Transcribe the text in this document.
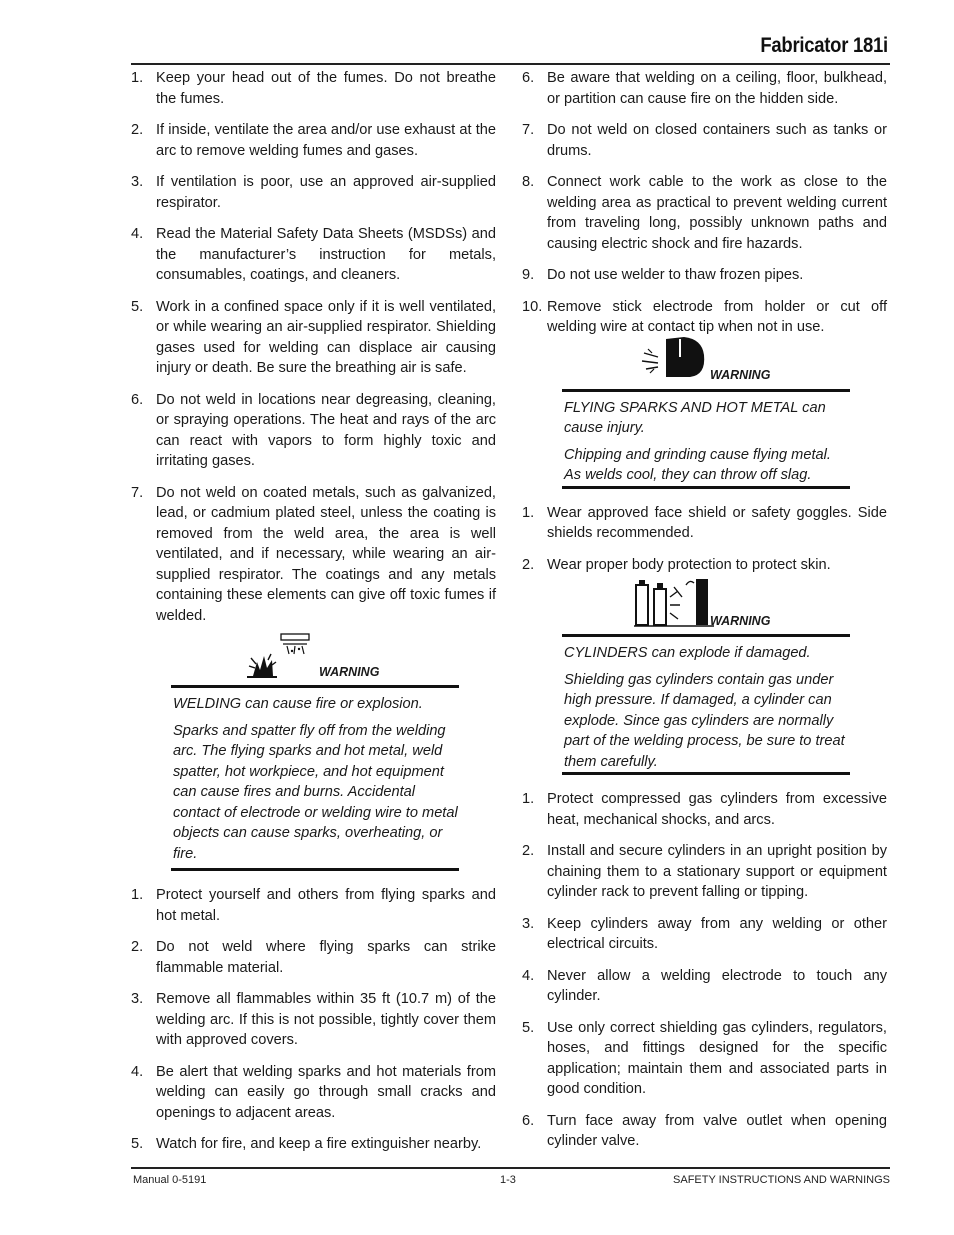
Fabricator 181i
1. Keep your head out of the fumes. Do not breathe the fumes.
2. If inside, ventilate the area and/or use exhaust at the arc to remove welding fumes and gases.
3. If ventilation is poor, use an approved air-supplied respirator.
4. Read the Material Safety Data Sheets (MSDSs) and the manufacturer’s instruction for metals, consumables, coatings, and cleaners.
5. Work in a confined space only if it is well ventilated, or while wearing an air-supplied respirator. Shielding gases used for welding can displace air causing injury or death. Be sure the breathing air is safe.
6. Do not weld in locations near degreasing, cleaning, or spraying operations. The heat and rays of the arc can react with vapors to form highly toxic and irritating gases.
7. Do not weld on coated metals, such as galvanized, lead, or cadmium plated steel, unless the coating is removed from the weld area, the area is well ventilated, and if necessary, while wearing an air-supplied respirator. The coatings and any metals containing these elements can give off toxic fumes if welded.
WARNING

WELDING can cause fire or explosion.

Sparks and spatter fly off from the welding arc. The flying sparks and hot metal, weld spatter, hot workpiece, and hot equipment can cause fires and burns. Accidental contact of electrode or welding wire to metal objects can cause sparks, overheating, or fire.

1. Protect yourself and others from flying sparks and hot metal.
2. Do not weld where flying sparks can strike flammable material.
3. Remove all flammables within 35 ft (10.7 m) of the welding arc. If this is not possible, tightly cover them with approved covers.
4. Be alert that welding sparks and hot materials from welding can easily go through small cracks and openings to adjacent areas.
5. Watch for fire, and keep a fire extinguisher nearby.
6. Be aware that welding on a ceiling, floor, bulkhead, or partition can cause fire on the hidden side.
7. Do not weld on closed containers such as tanks or drums.
8. Connect work cable to the work as close to the welding area as practical to prevent welding current from traveling long, possibly unknown paths and causing electric shock and fire hazards.
9. Do not use welder to thaw frozen pipes.
10. Remove stick electrode from holder or cut off welding wire at contact tip when not in use.
WARNING

FLYING SPARKS AND HOT METAL can cause injury.

Chipping and grinding cause flying metal. As welds cool, they can throw off slag.

1. Wear approved face shield or safety goggles. Side shields recommended.
2. Wear proper body protection to protect skin.
WARNING

CYLINDERS can explode if damaged.

Shielding gas cylinders contain gas under high pressure. If damaged, a cylinder can explode. Since gas cylinders are normally part of the welding process, be sure to treat them carefully.

1. Protect compressed gas cylinders from excessive heat, mechanical shocks, and arcs.
2. Install and secure cylinders in an upright position by chaining them to a stationary support or equipment cylinder rack to prevent falling or tipping.
3. Keep cylinders away from any welding or other electrical circuits.
4. Never allow a welding electrode to touch any cylinder.
5. Use only correct shielding gas cylinders, regulators, hoses, and fittings designed for the specific application; maintain them and associated parts in good condition.
6. Turn face away from valve outlet when opening cylinder valve.
Manual 0-5191	1-3	SAFETY INSTRUCTIONS AND WARNINGS
